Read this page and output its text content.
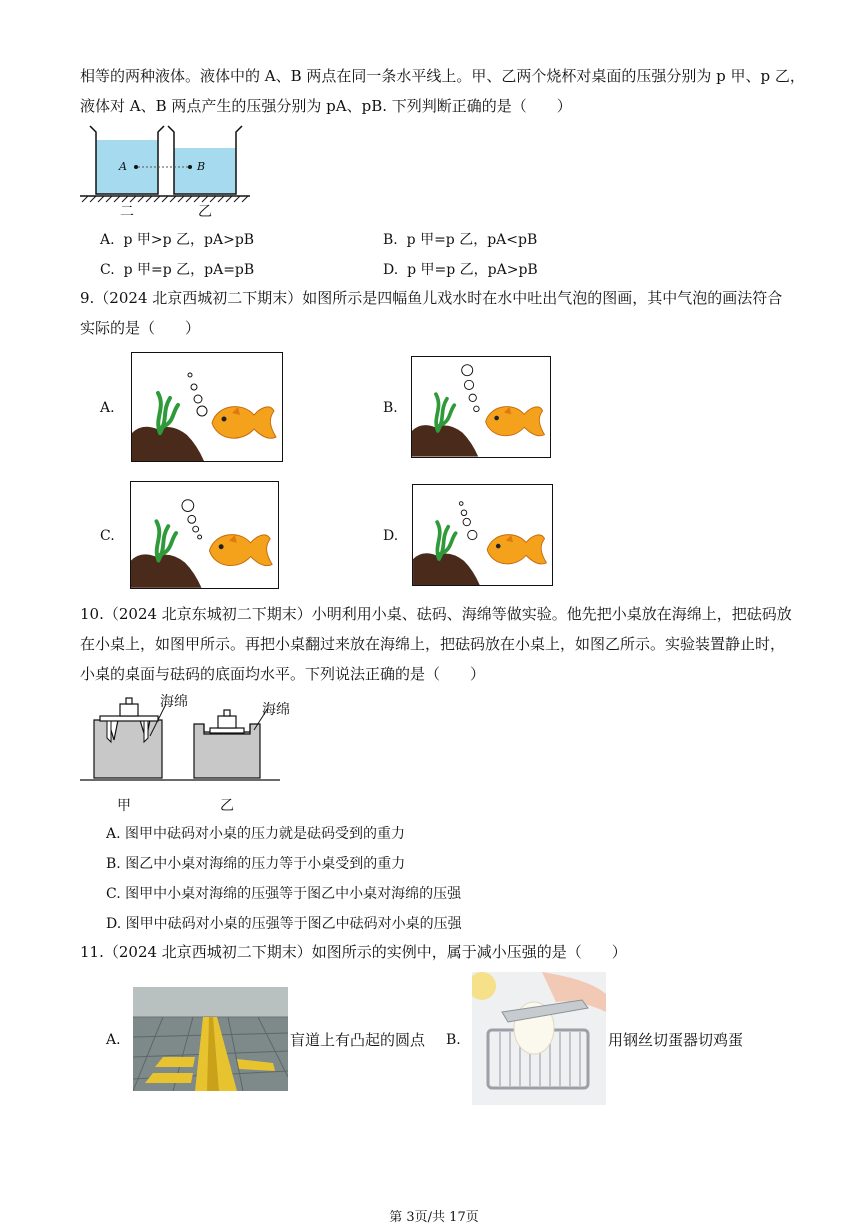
相等的两种液体。液体中的 A、B 两点在同一条水平线上。甲、乙两个烧杯对桌面的压强分别为 p 甲、p 乙，
液体对 A、B 两点产生的压强分别为 pA、pB. 下列判断正确的是（　　）
A	B
二	乙
A. p 甲>p 乙，pA>pB	B. p 甲=p 乙，pA<pB
C. p 甲=p 乙，pA=pB	D. p 甲=p 乙，pA>pB
9.（2024 北京西城初二下期末）如图所示是四幅鱼儿戏水时在水中吐出气泡的图画，其中气泡的画法符合
实际的是（　　）
A.	B.
C.	D.
10.（2024 北京东城初二下期末）小明利用小桌、砝码、海绵等做实验。他先把小桌放在海绵上，把砝码放
在小桌上，如图甲所示。再把小桌翻过来放在海绵上，把砝码放在小桌上，如图乙所示。实验装置静止时，
小桌的桌面与砝码的底面均水平。下列说法正确的是（　　）
海绵	海绵
甲	乙
A. 图甲中砝码对小桌的压力就是砝码受到的重力
B. 图乙中小桌对海绵的压力等于小桌受到的重力
C. 图甲中小桌对海绵的压强等于图乙中小桌对海绵的压强
D. 图甲中砝码对小桌的压强等于图乙中砝码对小桌的压强
11.（2024 北京西城初二下期末）如图所示的实例中，属于减小压强的是（　　）
A.	盲道上有凸起的圆点 B.	用钢丝切蛋器切鸡蛋
第 3页/共 17页
